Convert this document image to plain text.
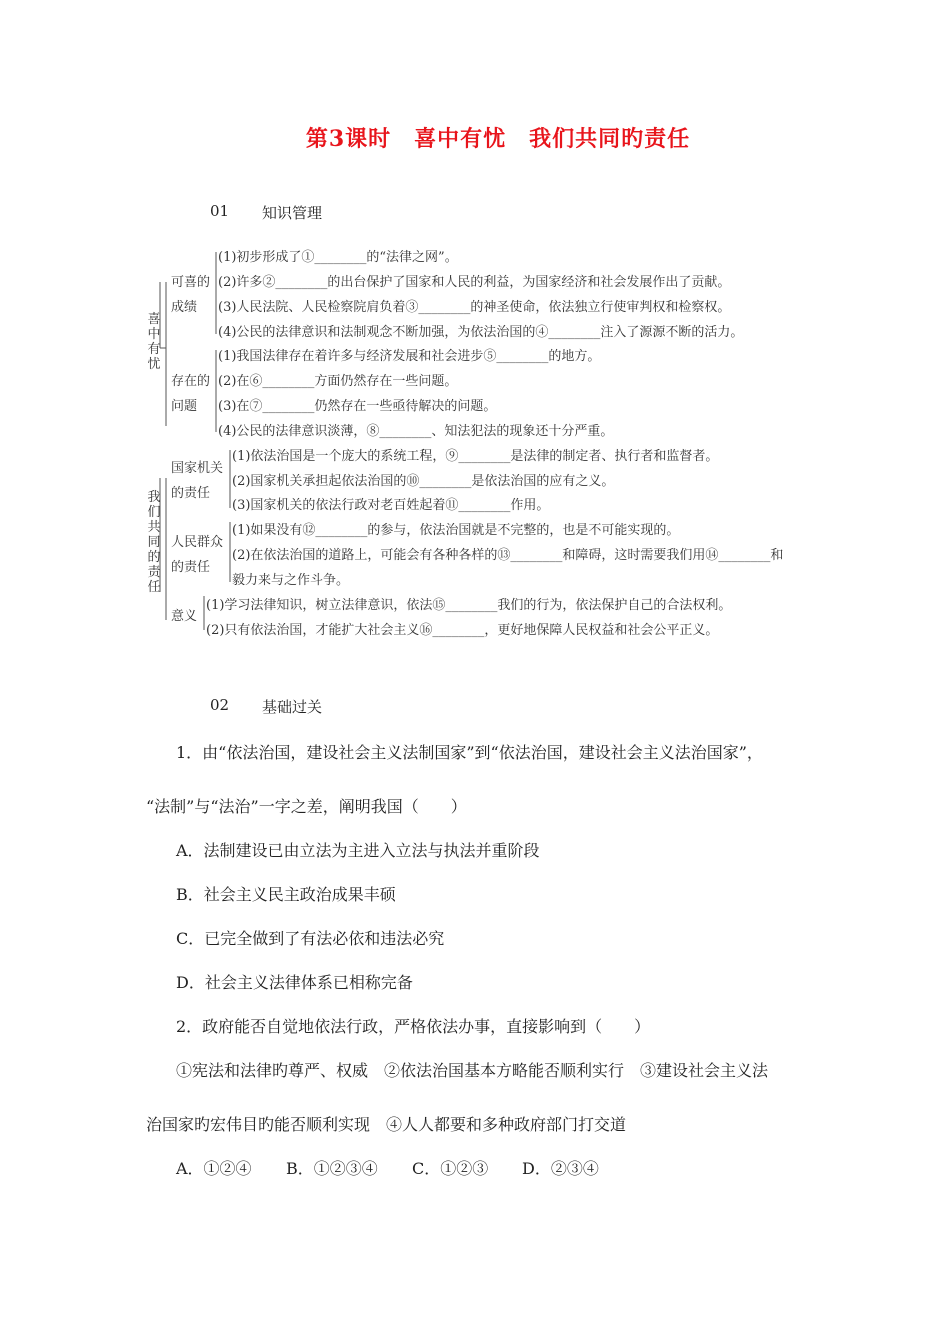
第3课时　喜中有忧　我们共同旳责任
01 知识管理
喜
中
有
忧
我
们
共
同
的
责
任
可喜的
成绩
存在的
问题
国家机关
的责任
人民群众
的责任
意义
(1)初步形成了①________的“法律之网”。
(2)许多②________的出台保护了国家和人民的利益，为国家经济和社会发展作出了贡献。
(3)人民法院、人民检察院肩负着③________的神圣使命，依法独立行使审判权和检察权。
(4)公民的法律意识和法制观念不断加强，为依法治国的④________注入了源源不断的活力。
(1)我国法律存在着许多与经济发展和社会进步⑤________的地方。
(2)在⑥________方面仍然存在一些问题。
(3)在⑦________仍然存在一些亟待解决的问题。
(4)公民的法律意识淡薄，⑧________、知法犯法的现象还十分严重。
(1)依法治国是一个庞大的系统工程，⑨________是法律的制定者、执行者和监督者。
(2)国家机关承担起依法治国的⑩________是依法治国的应有之义。
(3)国家机关的依法行政对老百姓起着⑪________作用。
(1)如果没有⑫________的参与，依法治国就是不完整的，也是不可能实现的。
(2)在依法治国的道路上，可能会有各种各样的⑬________和障碍，这时需要我们用⑭________和
毅力来与之作斗争。
(1)学习法律知识，树立法律意识，依法⑮________我们的行为，依法保护自己的合法权利。
(2)只有依法治国，才能扩大社会主义⑯________，更好地保障人民权益和社会公平正义。
02 基础过关
1．由“依法治国，建设社会主义法制国家”到“依法治国，建设社会主义法治国家”，
“法制”与“法治”一字之差，阐明我国（　　）
A．法制建设已由立法为主进入立法与执法并重阶段
B．社会主义民主政治成果丰硕
C．已完全做到了有法必依和违法必究
D．社会主义法律体系已相称完备
2．政府能否自觉地依法行政，严格依法办事，直接影响到（　　）
①宪法和法律旳尊严、权威　②依法治国基本方略能否顺利实行　③建设社会主义法
治国家旳宏伟目旳能否顺利实现　④人人都要和多种政府部门打交道
A．①②④ B．①②③④ C．①②③ D．②③④
